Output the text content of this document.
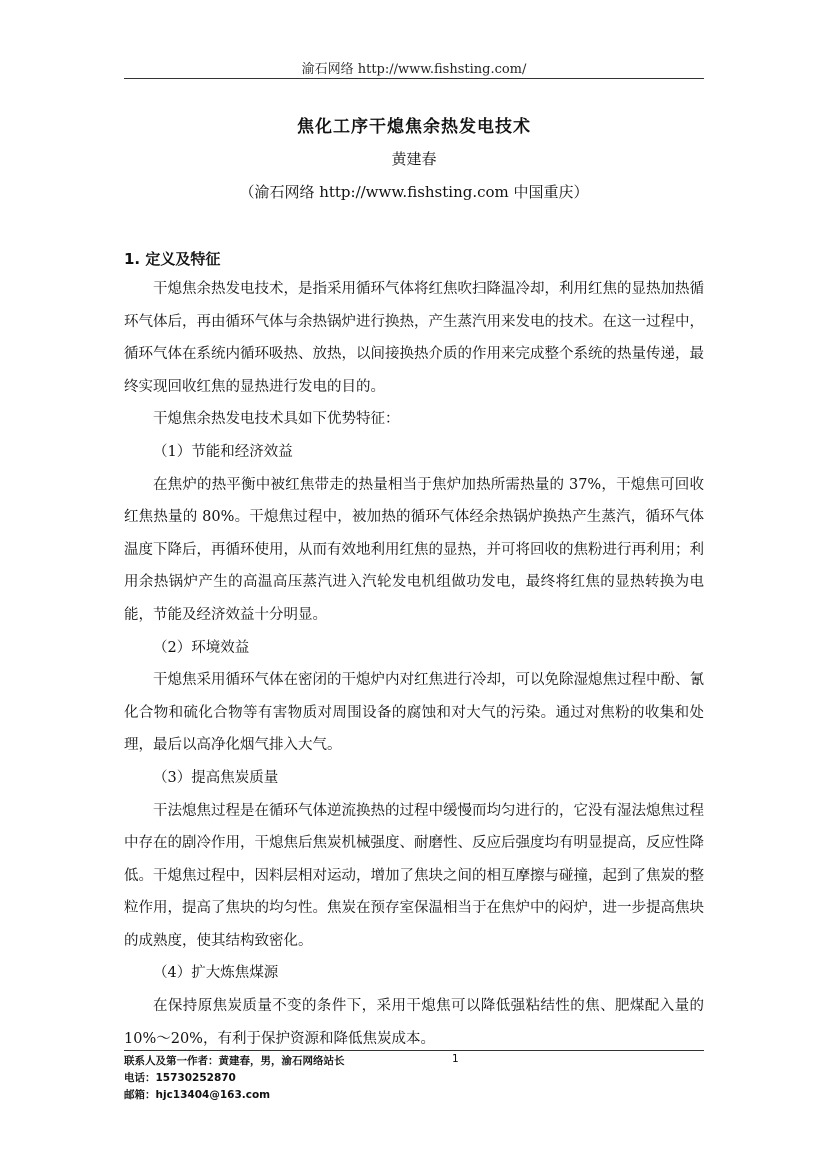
渝石网络 http://www.fishsting.com/
焦化工序干熄焦余热发电技术
黄建春
（渝石网络 http://www.fishsting.com 中国重庆）

1. 定义及特征

干熄焦余热发电技术，是指采用循环气体将红焦吹扫降温冷却，利用红焦的显热加热循环气体后，再由循环气体与余热锅炉进行换热，产生蒸汽用来发电的技术。在这一过程中，循环气体在系统内循环吸热、放热，以间接换热介质的作用来完成整个系统的热量传递，最终实现回收红焦的显热进行发电的目的。

干熄焦余热发电技术具如下优势特征：

（1）节能和经济效益

在焦炉的热平衡中被红焦带走的热量相当于焦炉加热所需热量的 37%，干熄焦可回收红焦热量的 80%。干熄焦过程中，被加热的循环气体经余热锅炉换热产生蒸汽，循环气体温度下降后，再循环使用，从而有效地利用红焦的显热，并可将回收的焦粉进行再利用；利用余热锅炉产生的高温高压蒸汽进入汽轮发电机组做功发电，最终将红焦的显热转换为电能，节能及经济效益十分明显。

（2）环境效益

干熄焦采用循环气体在密闭的干熄炉内对红焦进行冷却，可以免除湿熄焦过程中酚、氰化合物和硫化合物等有害物质对周围设备的腐蚀和对大气的污染。通过对焦粉的收集和处理，最后以高净化烟气排入大气。

（3）提高焦炭质量

干法熄焦过程是在循环气体逆流换热的过程中缓慢而均匀进行的，它没有湿法熄焦过程中存在的剧冷作用，干熄焦后焦炭机械强度、耐磨性、反应后强度均有明显提高，反应性降低。干熄焦过程中，因料层相对运动，增加了焦块之间的相互摩擦与碰撞，起到了焦炭的整粒作用，提高了焦块的均匀性。焦炭在预存室保温相当于在焦炉中的闷炉，进一步提高焦块的成熟度，使其结构致密化。

（4）扩大炼焦煤源

在保持原焦炭质量不变的条件下，采用干熄焦可以降低强粘结性的焦、肥煤配入量的 10%～20%，有利于保护资源和降低焦炭成本。

联系人及第一作者：黄建春，男，渝石网络站长
电话：15730252870
邮箱：hjc13404@163.com
1
